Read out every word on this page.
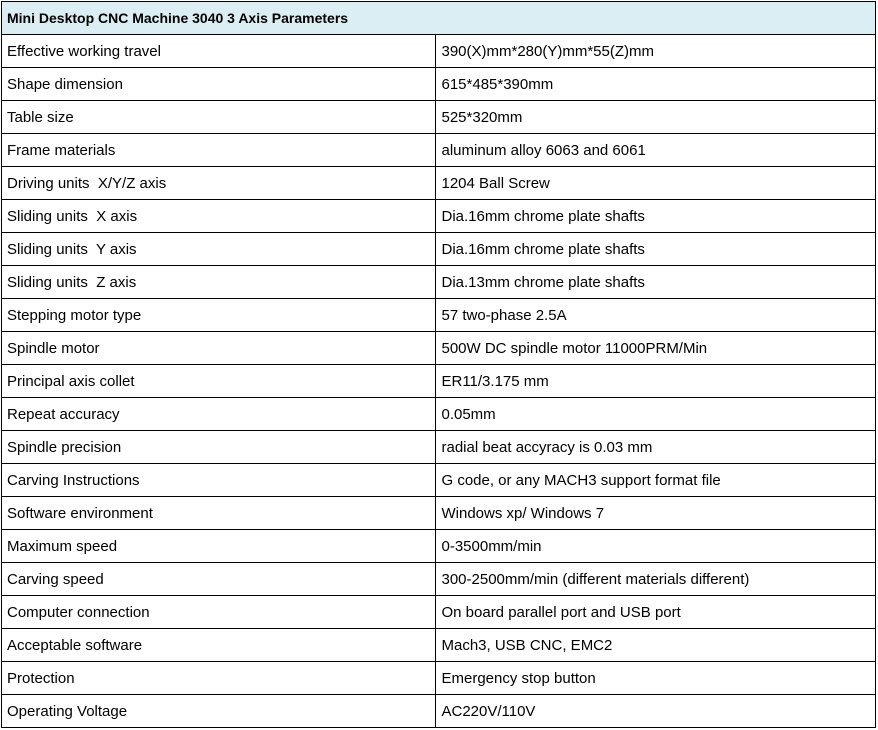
Mini Desktop CNC Machine 3040 3 Axis Parameters	
Effective working travel	390(X)mm*280(Y)mm*55(Z)mm
Shape dimension	615*485*390mm
Table size	525*320mm
Frame materials	aluminum alloy 6063 and 6061
Driving units  X/Y/Z axis	1204 Ball Screw
Sliding units  X axis	Dia.16mm chrome plate shafts
Sliding units  Y axis	Dia.16mm chrome plate shafts
Sliding units  Z axis	Dia.13mm chrome plate shafts
Stepping motor type	57 two-phase 2.5A
Spindle motor	500W DC spindle motor 11000PRM/Min
Principal axis collet	ER11/3.175 mm
Repeat accuracy	0.05mm
Spindle precision	radial beat accyracy is 0.03 mm
Carving Instructions	G code, or any MACH3 support format file
Software environment	Windows xp/ Windows 7
Maximum speed	0-3500mm/min
Carving speed	300-2500mm/min (different materials different)
Computer connection	On board parallel port and USB port
Acceptable software	Mach3, USB CNC, EMC2
Protection	Emergency stop button
Operating Voltage	AC220V/110V
